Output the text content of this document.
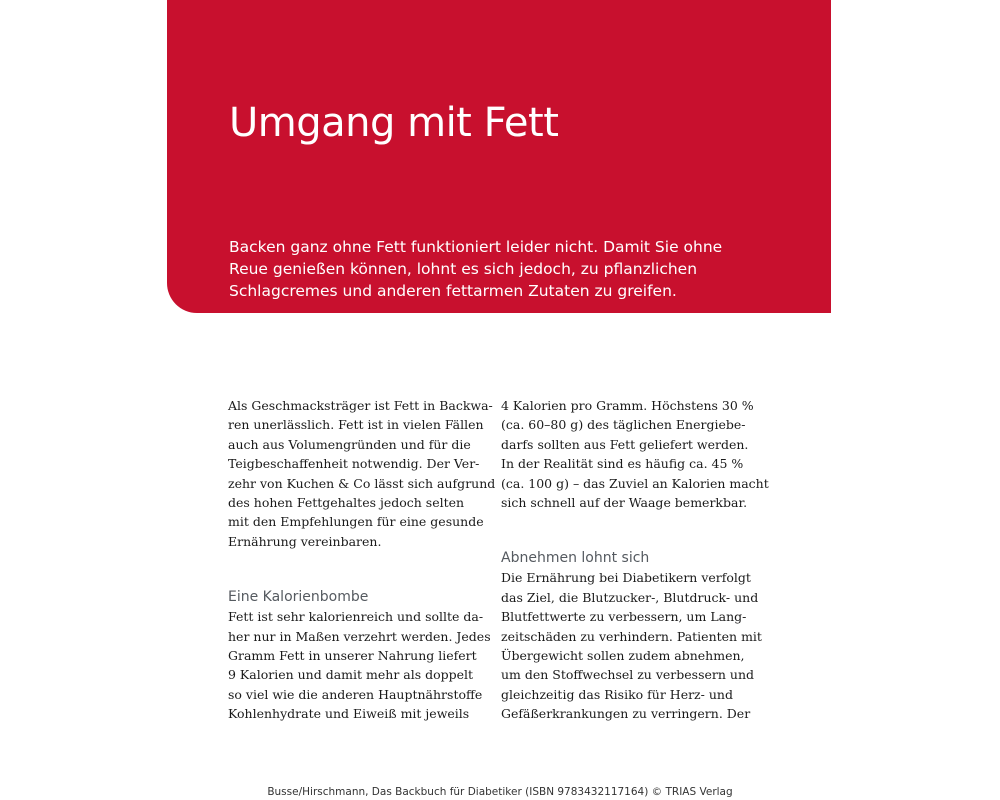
Umgang mit Fett

Backen ganz ohne Fett funktioniert leider nicht. Damit Sie ohne
Reue genießen können, lohnt es sich jedoch, zu pflanzlichen
Schlagcremes und anderen fettarmen Zutaten zu greifen.

Als Geschmacksträger ist Fett in Backwa-
ren unerlässlich. Fett ist in vielen Fällen
auch aus Volumengründen und für die
Teigbeschaffenheit notwendig. Der Ver-
zehr von Kuchen & Co lässt sich aufgrund
des hohen Fettgehaltes jedoch selten
mit den Empfehlungen für eine gesunde
Ernährung vereinbaren.

Eine Kalorienbombe

Fett ist sehr kalorienreich und sollte da-
her nur in Maßen verzehrt werden. Jedes
Gramm Fett in unserer Nahrung liefert
9 Kalorien und damit mehr als doppelt
so viel wie die anderen Hauptnährstoffe
Kohlenhydrate und Eiweiß mit jeweils

4 Kalorien pro Gramm. Höchstens 30 %
(ca. 60–80 g) des täglichen Energiebe-
darfs sollten aus Fett geliefert werden.
In der Realität sind es häufig ca. 45 %
(ca. 100 g) – das Zuviel an Kalorien macht
sich schnell auf der Waage bemerkbar.

Abnehmen lohnt sich

Die Ernährung bei Diabetikern verfolgt
das Ziel, die Blutzucker-, Blutdruck- und
Blutfettwerte zu verbessern, um Lang-
zeitschäden zu verhindern. Patienten mit
Übergewicht sollen zudem abnehmen,
um den Stoffwechsel zu verbessern und
gleichzeitig das Risiko für Herz- und
Gefäßerkrankungen zu verringern. Der

Busse/Hirschmann, Das Backbuch für Diabetiker (ISBN 9783432117164) © TRIAS Verlag
